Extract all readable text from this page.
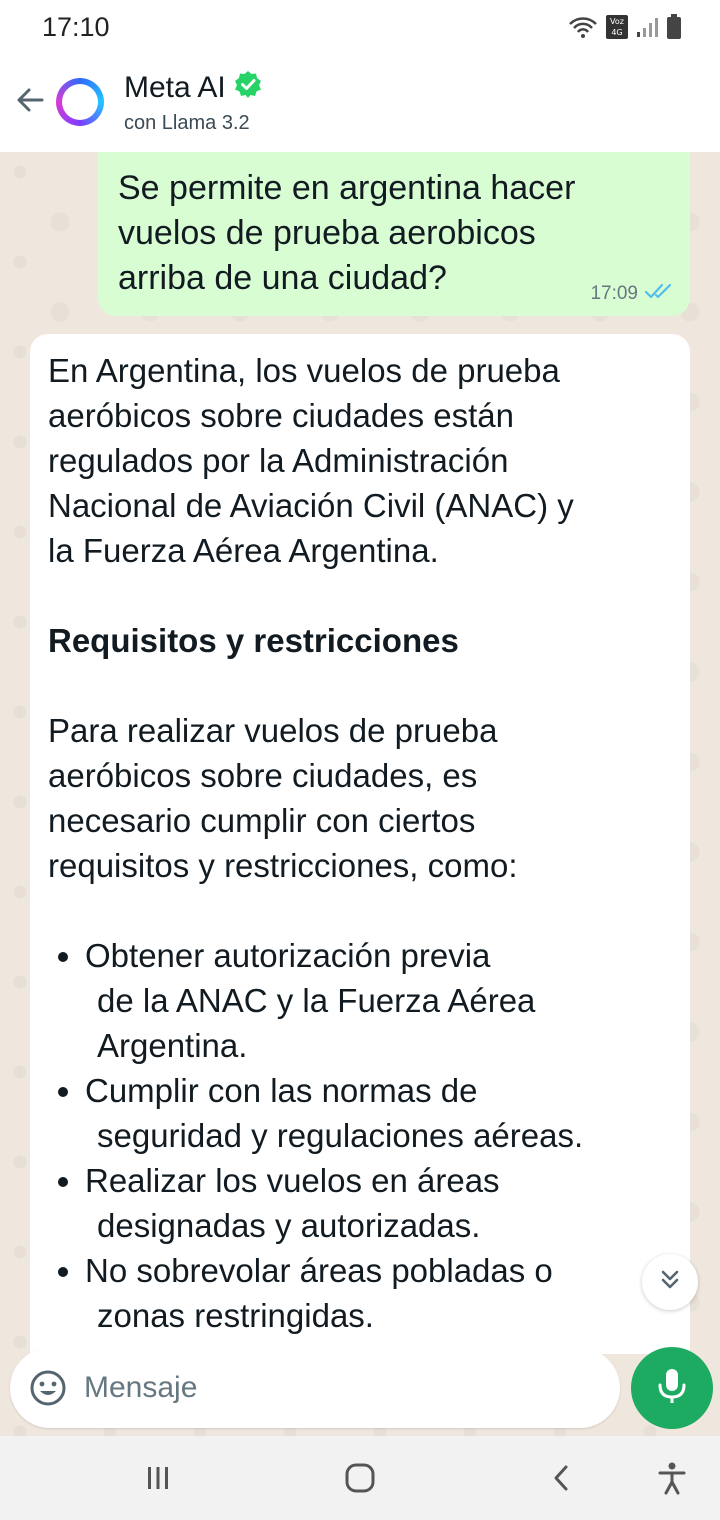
17:10	Voz
4G
Meta AI
con Llama 3.2
Se permite en argentina hacer
vuelos de prueba aerobicos
arriba de una ciudad?	17:09

En Argentina, los vuelos de prueba

aeróbicos sobre ciudades están

regulados por la Administración

Nacional de Aviación Civil (ANAC) y

la Fuerza Aérea Argentina.

Requisitos y restricciones

Para realizar vuelos de prueba

aeróbicos sobre ciudades, es

necesario cumplir con ciertos

requisitos y restricciones, como:

Obtener autorización previa
de la ANAC y la Fuerza Aérea
Argentina.
Cumplir con las normas de
seguridad y regulaciones aéreas.
Realizar los vuelos en áreas
designadas y autorizadas.
No sobrevolar áreas pobladas o
zonas restringidas.
Mensaje
